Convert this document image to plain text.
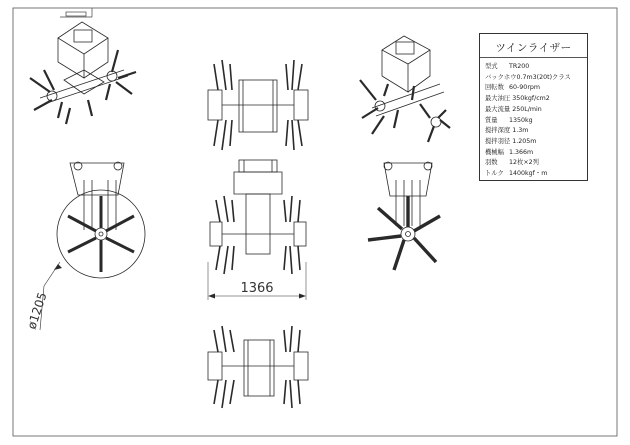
ø1205
1366
ツインライザー
型式 TR200
バックホウ0.7m3(20t)クラス
回転数 60-90rpm
最大油圧 350kgf/cm2
最大流量 250L/min
質量 1350kg
撹拌深度 1.3m
撹拌羽径 1.205m
機械幅 1.366m
羽数 12枚×2列
トルク 1400kgf・m
